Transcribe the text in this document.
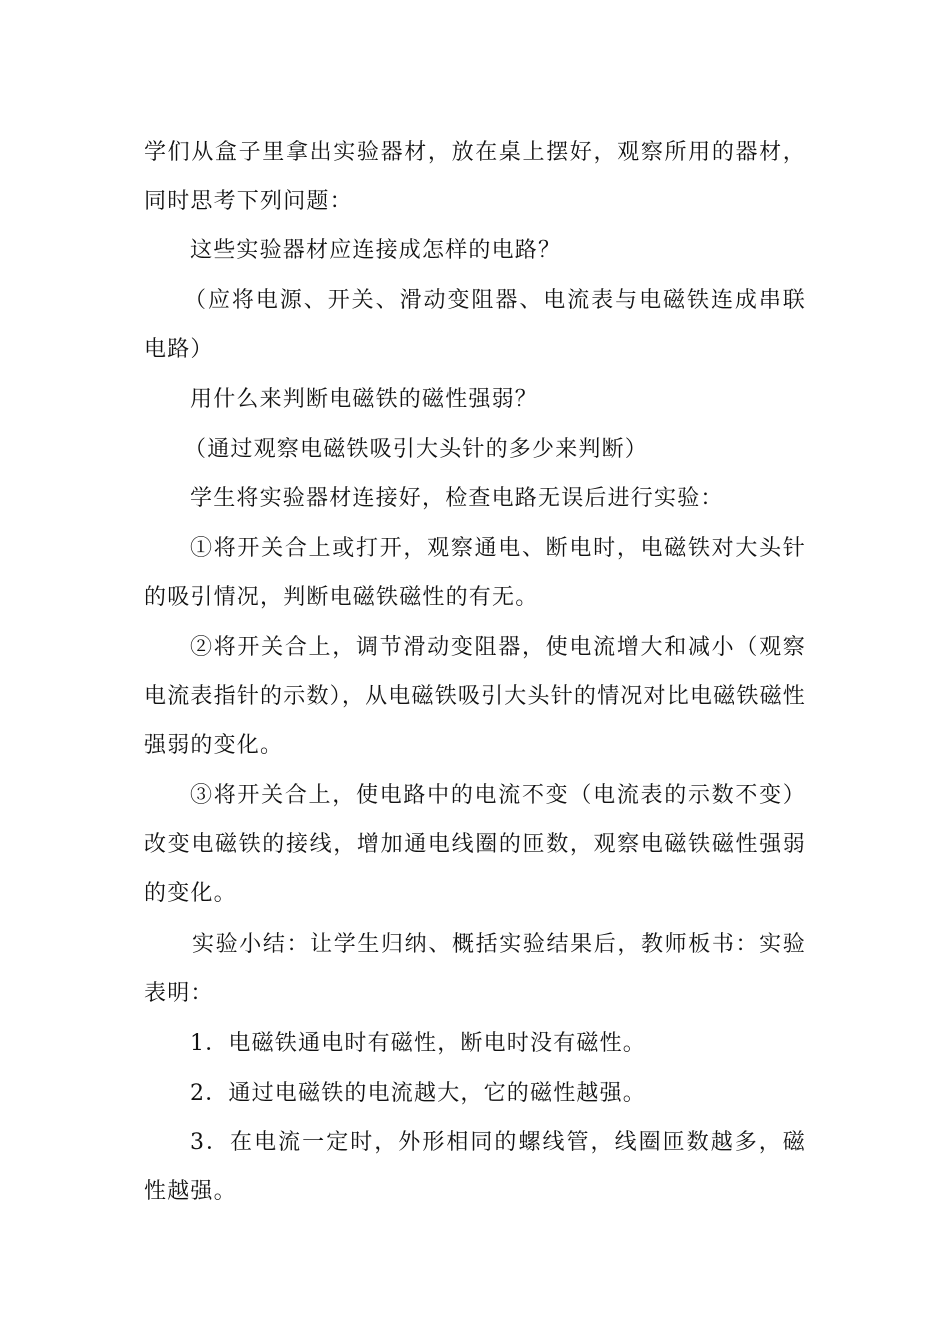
学们从盒子里拿出实验器材，放在桌上摆好，观察所用的器材，同时思考下列问题：

这些实验器材应连接成怎样的电路？

（应将电源、开关、滑动变阻器、电流表与电磁铁连成串联电路）

用什么来判断电磁铁的磁性强弱？

（通过观察电磁铁吸引大头针的多少来判断）

学生将实验器材连接好，检查电路无误后进行实验：

①将开关合上或打开，观察通电、断电时，电磁铁对大头针的吸引情况，判断电磁铁磁性的有无。

②将开关合上，调节滑动变阻器，使电流增大和减小（观察电流表指针的示数），从电磁铁吸引大头针的情况对比电磁铁磁性强弱的变化。

③将开关合上，使电路中的电流不变（电流表的示数不变）改变电磁铁的接线，增加通电线圈的匝数，观察电磁铁磁性强弱的变化。

实验小结：让学生归纳、概括实验结果后，教师板书：实验表明：

1．电磁铁通电时有磁性，断电时没有磁性。

2．通过电磁铁的电流越大，它的磁性越强。

3．在电流一定时，外形相同的螺线管，线圈匝数越多，磁性越强。
